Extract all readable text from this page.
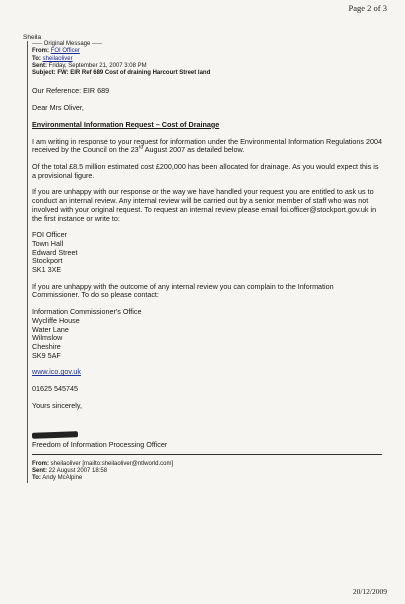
Page 2 of 3
Sheila
----- Original Message -----
From: FOI Officer
To: sheilaoliver
Sent: Friday, September 21, 2007 3:08 PM
Subject: FW: EIR Ref 689 Cost of draining Harcourt Street land

Our Reference: EIR 689

Dear Mrs Oliver,

Environmental Information Request – Cost of Drainage

I am writing in response to your request for information under the Environmental Information Regulations 2004 received by the Council on the 23rd August 2007 as detailed below.

Of the total £8.5 million estimated cost £200,000 has been allocated for drainage. As you would expect this is a provisional figure.

If you are unhappy with our response or the way we have handled your request you are entitled to ask us to conduct an internal review. Any internal review will be carried out by a senior member of staff who was not involved with your original request. To request an internal review please email foi.officer@stockport.gov.uk in the first instance or write to:

FOI Officer
Town Hall
Edward Street
Stockport
SK1 3XE

If you are unhappy with the outcome of any internal review you can complain to the Information Commissioner. To do so please contact:

Information Commissioner's Office
Wycliffe House
Water Lane
Wilmslow
Cheshire
SK9 5AF

www.ico.gov.uk

01625 545745

Yours sincerely,

Freedom of Information Processing Officer
From: sheilaoliver [mailto:sheilaoliver@ntlworld.com]
Sent: 22 August 2007 18:58
To: Andy McAlpine
20/12/2009
